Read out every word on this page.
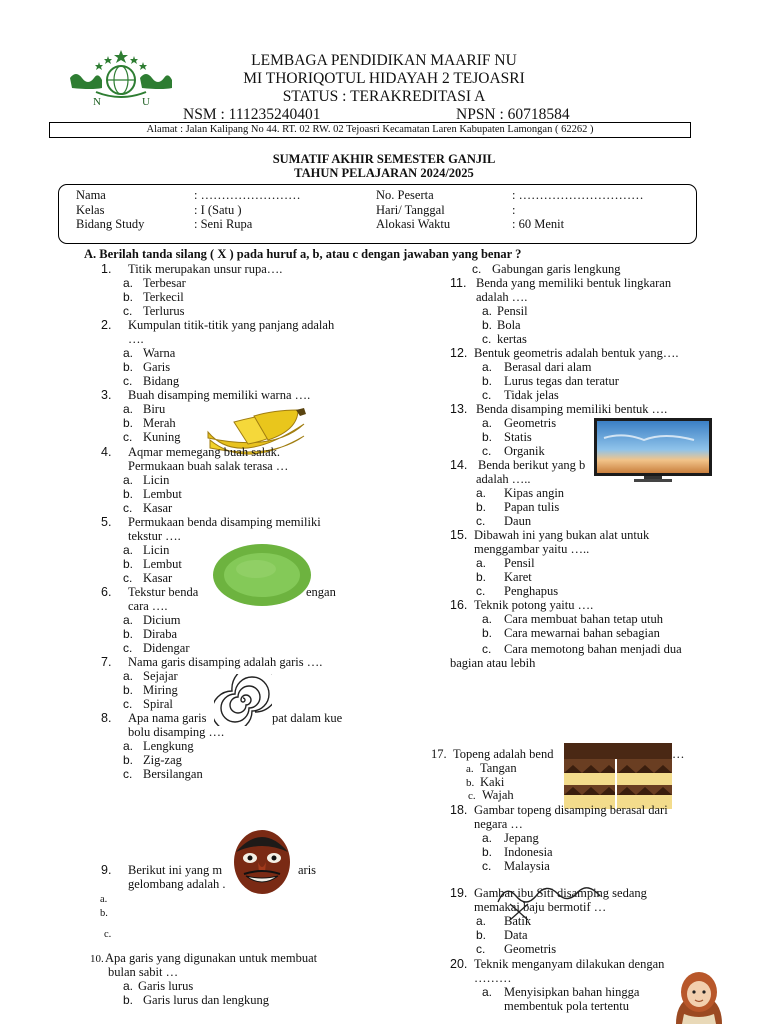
N	U
LEMBAGA PENDIDIKAN MAARIF NU
MI THORIQOTUL HIDAYAH 2 TEJOASRI
STATUS : TERAKREDITASI A
NSM : 111235240401	NPSN : 60718584
Alamat : Jalan Kalipang No 44. RT. 02 RW. 02 Tejoasri Kecamatan Laren Kabupaten Lamongan ( 62262 )
SUMATIF AKHIR SEMESTER GANJIL
TAHUN PELAJARAN 2024/2025
Nama	: ……………………
Kelas	: I (Satu )
Bidang Study	: Seni Rupa
No. Peserta	: …………………………
Hari/ Tanggal	:
Alokasi Waktu	: 60 Menit
A. Berilah tanda silang ( X ) pada huruf a, b, atau c dengan jawaban yang benar ?
1. Titik merupakan unsur rupa….
a. Terbesar
b. Terkecil
c. Terlurus
2. Kumpulan titik-titik yang panjang adalah
….
a. Warna
b. Garis
c. Bidang
3. Buah disamping memiliki warna ….
a. Biru
b. Merah
c. Kuning
4. Aqmar memegang buah salak.
Permukaan buah salak terasa …
a. Licin
b. Lembut
c. Kasar
5. Permukaan benda disamping memiliki
tekstur ….
a. Licin
b. Lembut
c. Kasar
6. Tekstur benda	engan
cara ….
a. Dicium
b. Diraba
c. Didengar
7. Nama garis disamping adalah garis ….
a. Sejajar
b. Miring
c. Spiral
8. Apa nama garis	pat dalam kue
bolu disamping ….
a. Lengkung
b. Zig-zag
c. Bersilangan
9. Berikut ini yang m	aris
gelombang adalah .
a.
b.
c.
10.Apa garis yang digunakan untuk membuat
bulan sabit …
a. Garis lurus
b. Garis lurus dan lengkung
c. Gabungan garis lengkung
11. Benda yang memiliki bentuk lingkaran
adalah ….
a. Pensil
b. Bola
c. kertas
12. Bentuk geometris adalah bentuk yang….
a. Berasal dari alam
b. Lurus tegas dan teratur
c. Tidak jelas
13. Benda disamping memiliki bentuk ….
a. Geometris
b. Statis
c. Organik
14. Benda berikut yang b
adalah …..
a. Kipas angin
b. Papan tulis
c. Daun
15. Dibawah ini yang bukan alat untuk
menggambar yaitu …..
a. Pensil
b. Karet
c. Penghapus
16. Teknik potong yaitu ….
a. Cara membuat bahan tetap utuh
b. Cara mewarnai bahan sebagian
c. Cara memotong bahan menjadi dua
bagian atau lebih
17. Topeng adalah bend	…
a. Tangan
b. Kaki
c. Wajah
18. Gambar topeng disamping berasal dari
negara …
a. Jepang
b. Indonesia
c. Malaysia
19. Gambar ibu Siti disamping sedang
memakai baju bermotif …
a. Batik
b. Data
c. Geometris
20. Teknik menganyam dilakukan dengan
………
a. Menyisipkan bahan hingga
membentuk pola tertentu
